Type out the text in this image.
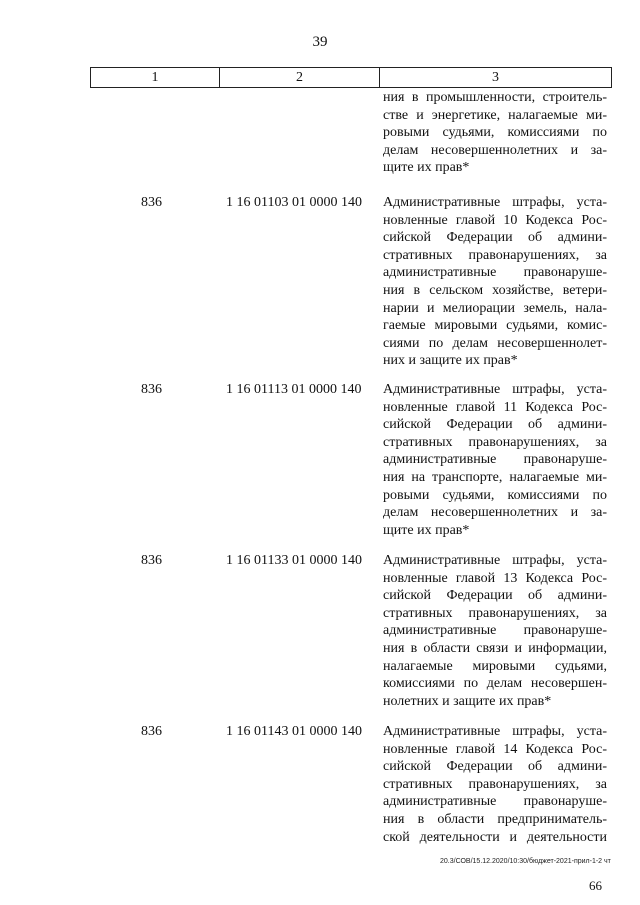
39
1	2	3
ния в промышленности, строитель-
стве и энергетике, налагаемые ми-
ровыми судьями, комиссиями по
делам несовершеннолетних и за-
щите их прав*
836	1 16 01103 01 0000 140	Административные штрафы, уста-
новленные главой 10 Кодекса Рос-
сийской Федерации об админи-
стративных правонарушениях, за
административные правонаруше-
ния в сельском хозяйстве, ветери-
нарии и мелиорации земель, нала-
гаемые мировыми судьями, комис-
сиями по делам несовершеннолет-
них и защите их прав*
836	1 16 01113 01 0000 140	Административные штрафы, уста-
новленные главой 11 Кодекса Рос-
сийской Федерации об админи-
стративных правонарушениях, за
административные правонаруше-
ния на транспорте, налагаемые ми-
ровыми судьями, комиссиями по
делам несовершеннолетних и за-
щите их прав*
836	1 16 01133 01 0000 140	Административные штрафы, уста-
новленные главой 13 Кодекса Рос-
сийской Федерации об админи-
стративных правонарушениях, за
административные правонаруше-
ния в области связи и информации,
налагаемые мировыми судьями,
комиссиями по делам несовершен-
нолетних и защите их прав*
836	1 16 01143 01 0000 140	Административные штрафы, уста-
новленные главой 14 Кодекса Рос-
сийской Федерации об админи-
стративных правонарушениях, за
административные правонаруше-
ния в области предприниматель-
ской деятельности и деятельности
20.3/СОВ/15.12.2020/10:30/бюджет-2021-прил-1-2 чт
66
